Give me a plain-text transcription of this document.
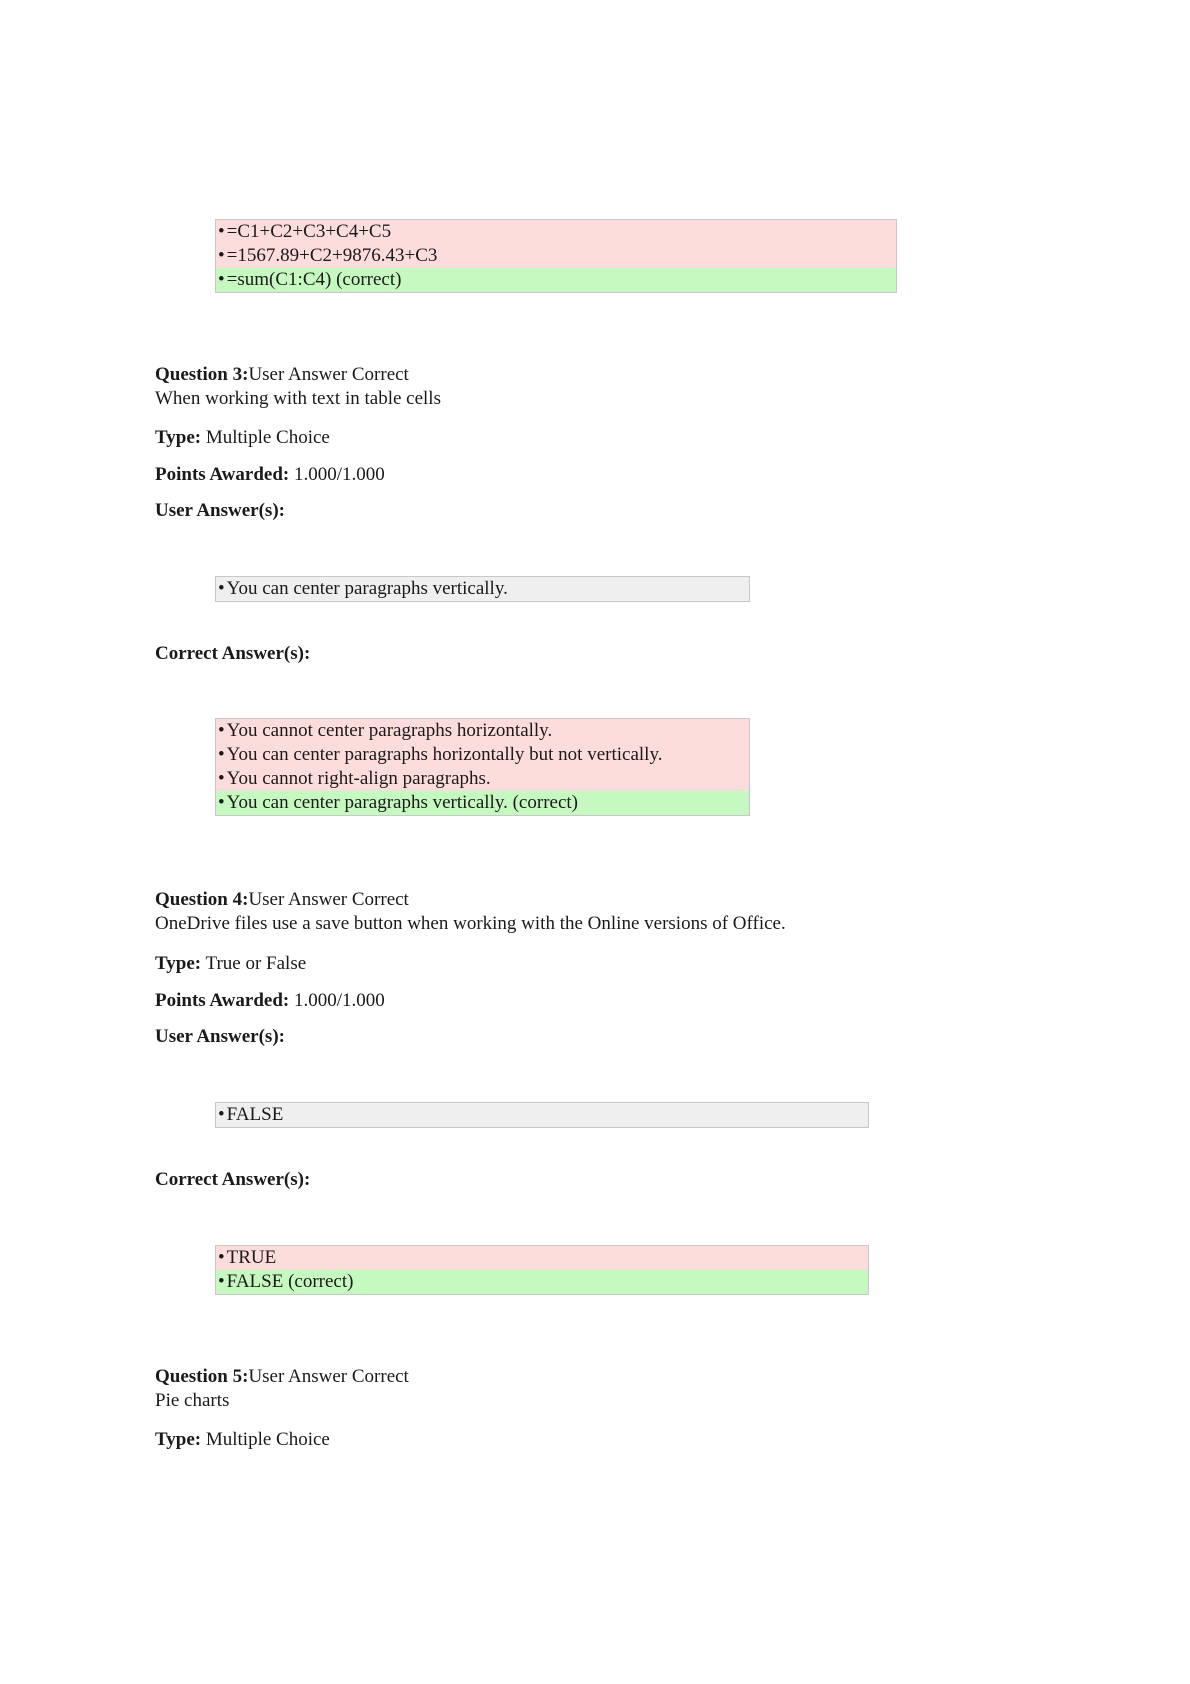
• =C1+C2+C3+C4+C5
• =1567.89+C2+9876.43+C3
• =sum(C1:C4) (correct)
Question 3:User Answer Correct
When working with text in table cells
Type: Multiple Choice
Points Awarded: 1.000/1.000
User Answer(s):
• You can center paragraphs vertically.
Correct Answer(s):
• You cannot center paragraphs horizontally.
• You can center paragraphs horizontally but not vertically.
• You cannot right-align paragraphs.
• You can center paragraphs vertically. (correct)
Question 4:User Answer Correct
OneDrive files use a save button when working with the Online versions of Office.
Type: True or False
Points Awarded: 1.000/1.000
User Answer(s):
• FALSE
Correct Answer(s):
• TRUE
• FALSE (correct)
Question 5:User Answer Correct
Pie charts
Type: Multiple Choice
